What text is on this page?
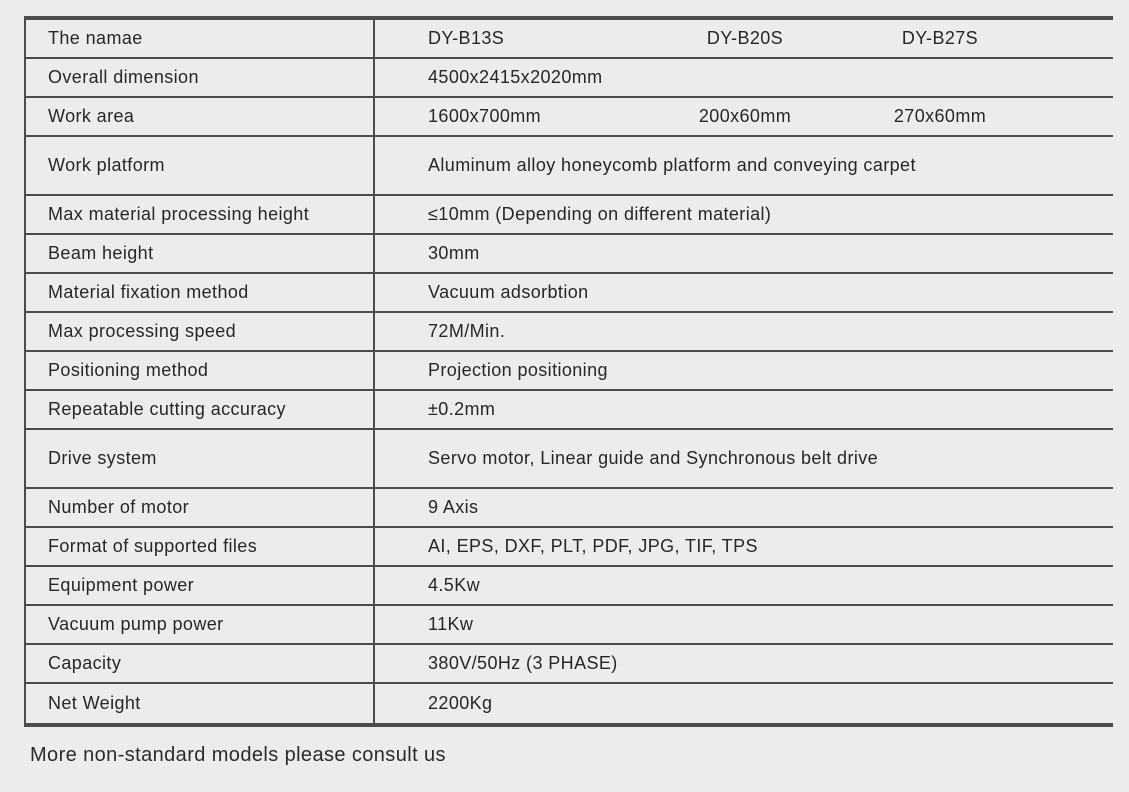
The namae	DY-B13S	DY-B20S	DY-B27S
Overall dimension	4500x2415x2020mm
Work area	1600x700mm	200x60mm	270x60mm
Work platform	Aluminum alloy honeycomb platform and conveying carpet
Max material processing height	≤10mm (Depending on different material)
Beam height	30mm
Material fixation method	Vacuum adsorbtion
Max processing speed	72M/Min.
Positioning method	Projection positioning
Repeatable cutting accuracy	±0.2mm
Drive system	Servo motor, Linear guide and Synchronous belt drive
Number of motor	9 Axis
Format of supported files	AI, EPS, DXF, PLT, PDF, JPG, TIF, TPS
Equipment power	4.5Kw
Vacuum pump power	11Kw
Capacity	380V/50Hz (3 PHASE)
Net Weight	2200Kg
More non-standard models please consult us
